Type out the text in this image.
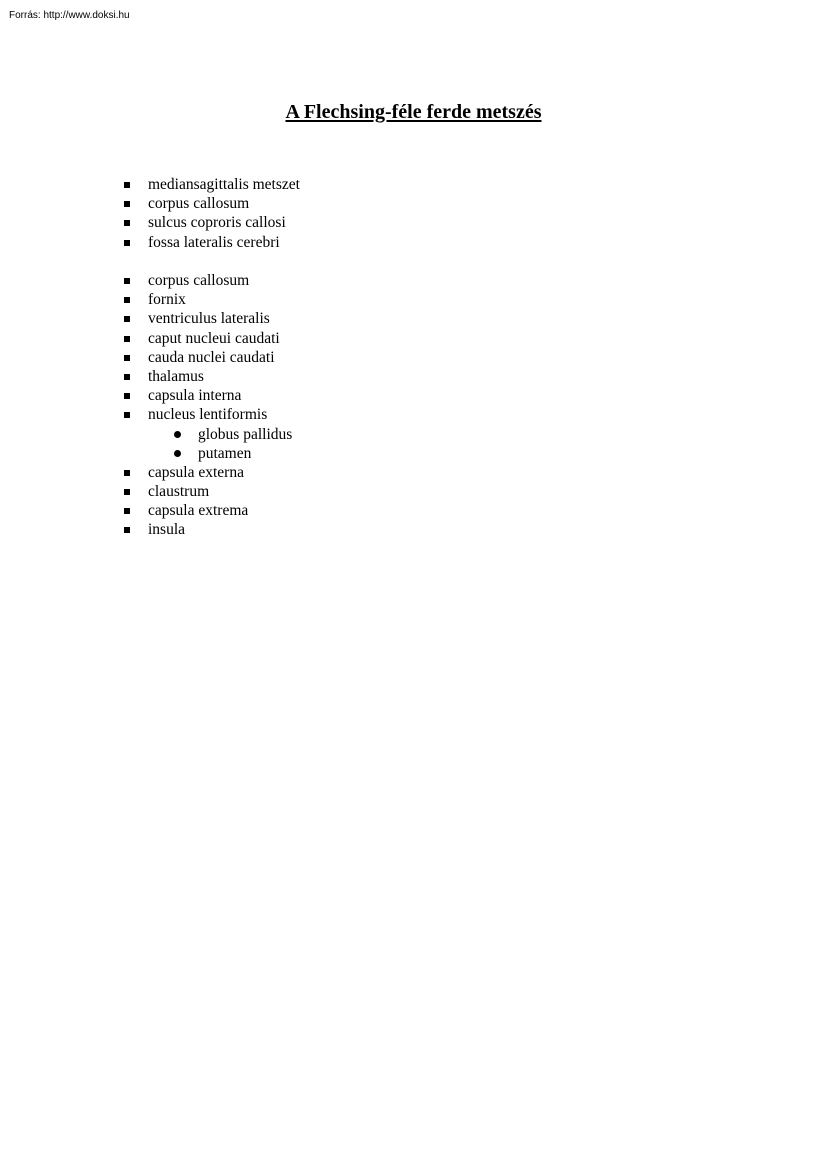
Forrás: http://www.doksi.hu
A Flechsing-féle ferde metszés
mediansagittalis metszet
corpus callosum
sulcus coproris callosi
fossa lateralis cerebri
corpus callosum
fornix
ventriculus lateralis
caput nucleui caudati
cauda nuclei caudati
thalamus
capsula interna
nucleus lentiformis
globus pallidus
putamen
capsula externa
claustrum
capsula extrema
insula
